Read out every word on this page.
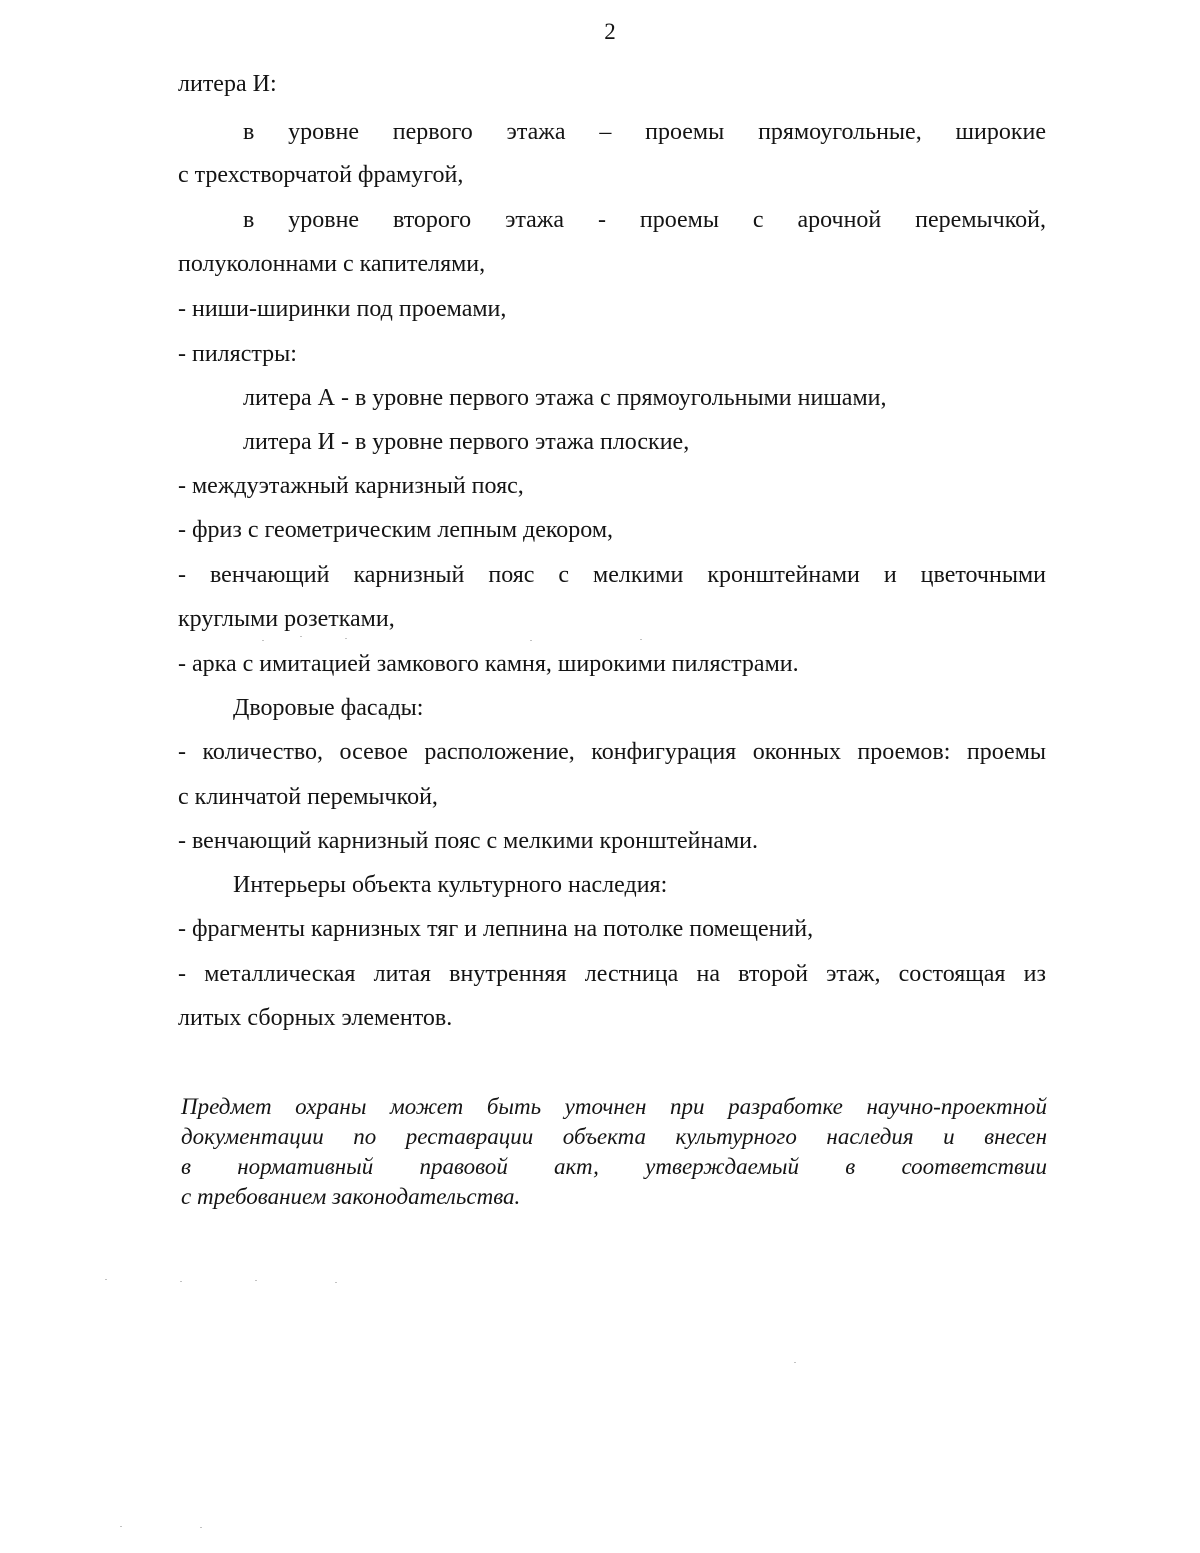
2
литера И:
в уровне первого этажа – проемы прямоугольные, широкие
с трехстворчатой фрамугой,
в уровне второго этажа - проемы с арочной перемычкой,
полуколоннами с капителями,
- ниши-ширинки под проемами,
- пилястры:
литера А - в уровне первого этажа с прямоугольными нишами,
литера И - в уровне первого этажа плоские,
- междуэтажный карнизный пояс,
- фриз с геометрическим лепным декором,
- венчающий карнизный пояс с мелкими кронштейнами и цветочными
круглыми розетками,
- арка с имитацией замкового камня, широкими пилястрами.
Дворовые фасады:
- количество, осевое расположение, конфигурация оконных проемов: проемы
с клинчатой перемычкой,
- венчающий карнизный пояс с мелкими кронштейнами.
Интерьеры объекта культурного наследия:
- фрагменты карнизных тяг и лепнина на потолке помещений,
- металлическая литая внутренняя лестница на второй этаж, состоящая из
литых сборных элементов.
Предмет охраны может быть уточнен при разработке научно-проектной
документации по реставрации объекта культурного наследия и внесен
в нормативный правовой акт, утверждаемый в соответствии
с требованием законодательства.
